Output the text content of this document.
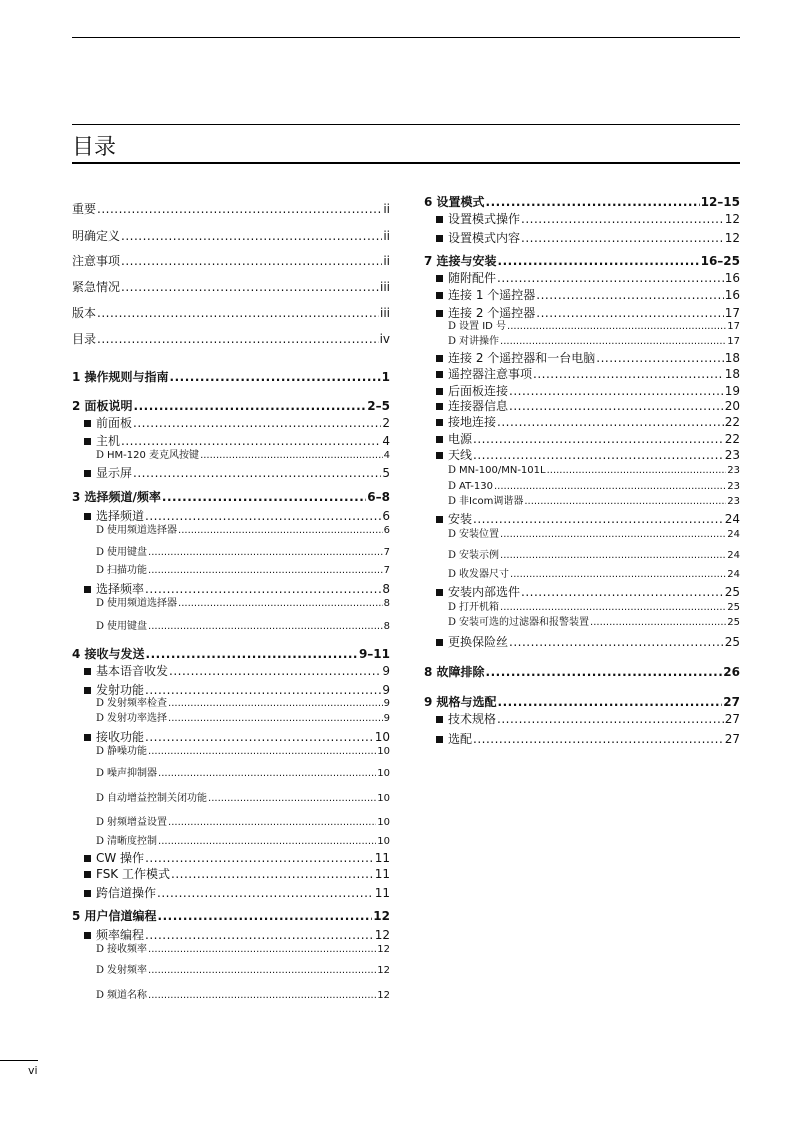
目录
重要 .....	ii
明确定义 .....	ii
注意事项 .....	ii
紧急情况 .....	iii
版本 .....	iii
目录 .....	iv
1 操作规则与指南 .....	1
2 面板说明 .....	2–5
前面板 .....	2
主机 .....	4
D HM-120 麦克风按键 .....	4
显示屏 .....	5
3 选择频道/频率 .....	6–8
选择频道 .....	6
D 使用频道选择器 .....	6
D 使用键盘 .....	7
D 扫描功能 .....	7
选择频率 .....	8
D 使用频道选择器 .....	8
D 使用键盘 .....	8
4 接收与发送 .....	9–11
基本语音收发 .....	9
发射功能 .....	9
D 发射频率检查 .....	9
D 发射功率选择 .....	9
接收功能 .....	10
D 静噪功能 .....	10
D 噪声抑制器 .....	10
D 自动增益控制关闭功能 .....	10
D 射频增益设置 .....	10
D 清晰度控制 .....	10
CW 操作 .....	11
FSK 工作模式 .....	11
跨信道操作 .....	11
5 用户信道编程 .....	12
频率编程 .....	12
D 接收频率 .....	12
D 发射频率 .....	12
D 频道名称 .....	12
6 设置模式 .....	12–15
设置模式操作 .....	12
设置模式内容 .....	12
7 连接与安装 .....	16–25
随附配件 .....	16
连接 1 个遥控器 .....	16
连接 2 个遥控器 .....	17
D 设置 ID 号 .....	17
D 对讲操作 .....	17
连接 2 个遥控器和一台电脑 .....	18
遥控器注意事项 .....	18
后面板连接 .....	19
连接器信息 .....	20
接地连接 .....	22
电源 .....	22
天线 .....	23
D MN-100/MN-101L .....	23
D AT-130 .....	23
D 非Icom调谐器 .....	23
安装 .....	24
D 安装位置 .....	24
D 安装示例 .....	24
D 收发器尺寸 .....	24
安装内部选件 .....	25
D 打开机箱 .....	25
D 安装可选的过滤器和报警装置 .....	25
更换保险丝 .....	25
8 故障排除 .....	26
9 规格与选配 .....	27
技术规格 .....	27
选配 .....	27
vi
